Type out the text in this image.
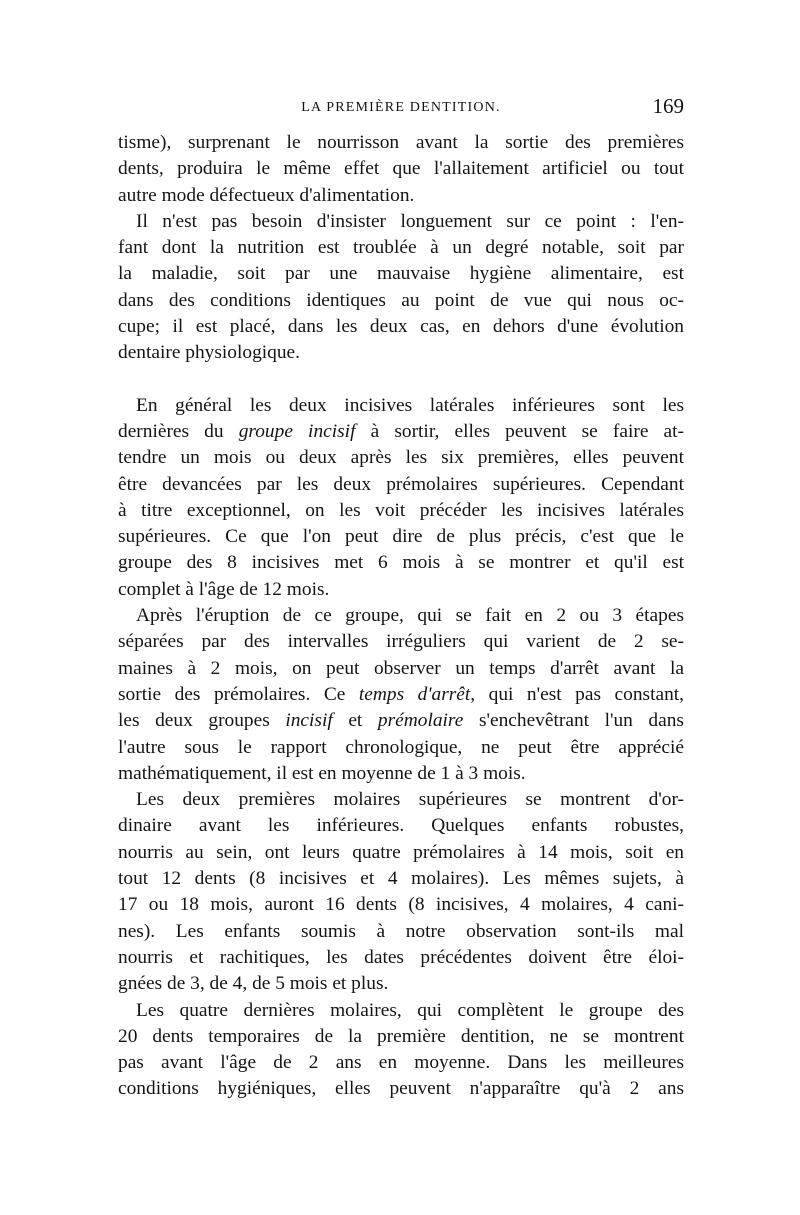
LA PREMIÈRE DENTITION.	169
tisme), surprenant le nourrisson avant la sortie des premières
dents, produira le même effet que l'allaitement artificiel ou tout
autre mode défectueux d'alimentation.
Il n'est pas besoin d'insister longuement sur ce point : l'en-
fant dont la nutrition est troublée à un degré notable, soit par
la maladie, soit par une mauvaise hygiène alimentaire, est
dans des conditions identiques au point de vue qui nous oc-
cupe; il est placé, dans les deux cas, en dehors d'une évolution
dentaire physiologique.
En général les deux incisives latérales inférieures sont les
dernières du groupe incisif à sortir, elles peuvent se faire at-
tendre un mois ou deux après les six premières, elles peuvent
être devancées par les deux prémolaires supérieures. Cependant
à titre exceptionnel, on les voit précéder les incisives latérales
supérieures. Ce que l'on peut dire de plus précis, c'est que le
groupe des 8 incisives met 6 mois à se montrer et qu'il est
complet à l'âge de 12 mois.
Après l'éruption de ce groupe, qui se fait en 2 ou 3 étapes
séparées par des intervalles irréguliers qui varient de 2 se-
maines à 2 mois, on peut observer un temps d'arrêt avant la
sortie des prémolaires. Ce temps d'arrêt, qui n'est pas constant,
les deux groupes incisif et prémolaire s'enchevêtrant l'un dans
l'autre sous le rapport chronologique, ne peut être apprécié
mathématiquement, il est en moyenne de 1 à 3 mois.
Les deux premières molaires supérieures se montrent d'or-
dinaire avant les inférieures. Quelques enfants robustes,
nourris au sein, ont leurs quatre prémolaires à 14 mois, soit en
tout 12 dents (8 incisives et 4 molaires). Les mêmes sujets, à
17 ou 18 mois, auront 16 dents (8 incisives, 4 molaires, 4 cani-
nes). Les enfants soumis à notre observation sont-ils mal
nourris et rachitiques, les dates précédentes doivent être éloi-
gnées de 3, de 4, de 5 mois et plus.
Les quatre dernières molaires, qui complètent le groupe des
20 dents temporaires de la première dentition, ne se montrent
pas avant l'âge de 2 ans en moyenne. Dans les meilleures
conditions hygiéniques, elles peuvent n'apparaître qu'à 2 ans
